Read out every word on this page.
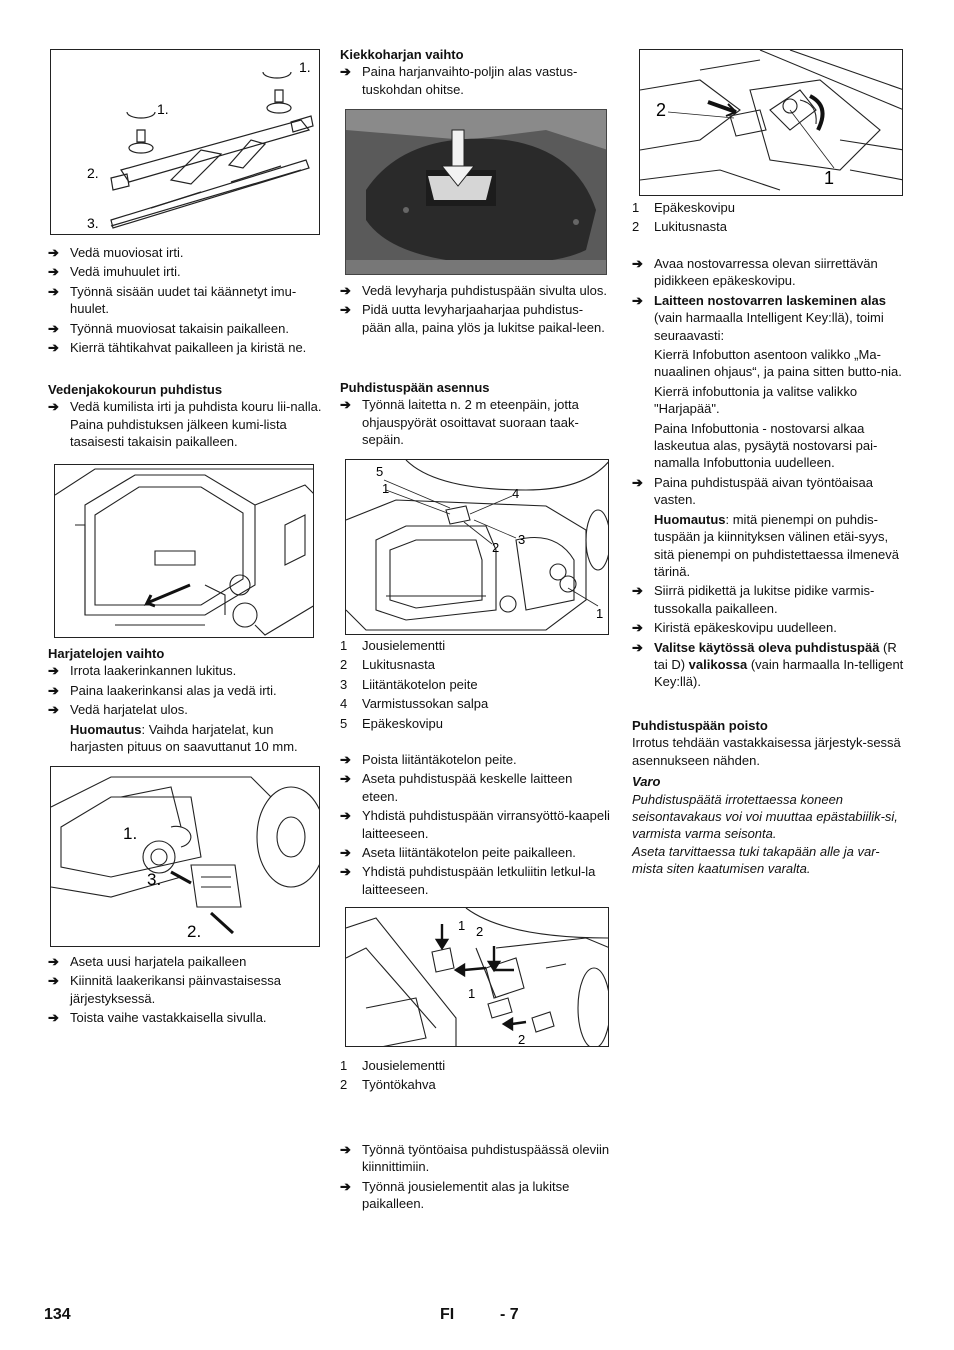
1.
1.
2.
3.

➔ Vedä muoviosat irti.

➔ Vedä imuhuulet irti.

➔ Työnnä sisään uudet tai käännetyt imu-huulet.

➔ Työnnä muoviosat takaisin paikalleen.

➔ Kierrä tähtikahvat paikalleen ja kiristä ne.

Vedenjakokourun puhdistus

➔ Vedä kumilista irti ja puhdista kouru lii-nalla. Paina puhdistuksen jälkeen kumi-lista tasaisesti takaisin paikalleen.

Harjatelojen vaihto

➔ Irrota laakerinkannen lukitus.

➔ Paina laakerinkansi alas ja vedä irti.

➔ Vedä harjatelat ulos.

Huomautus: Vaihda harjatelat, kun harjasten pituus on saavuttanut 10 mm.

1.
3.
2.

➔ Aseta uusi harjatela paikalleen

➔ Kiinnitä laakerikansi päinvastaisessa järjestyksessä.

➔ Toista vaihe vastakkaisella sivulla.

Kiekkoharjan vaihto

➔ Paina harjanvaihto-poljin alas vastus-tuskohdan ohitse.

➔ Vedä levyharja puhdistuspään sivulta ulos.

➔ Pidä uutta levyharjaaharjaa puhdistus-pään alla, paina ylös ja lukitse paikal-leen.

Puhdistuspään asennus

➔ Työnnä laitetta n. 2 m eteenpäin, jotta ohjauspyörät osoittavat suoraan taak-sepäin.

5
1	4
2
3
1

1 Jousielementti

2 Lukitusnasta

3 Liitäntäkotelon peite

4 Varmistussokan salpa

5 Epäkeskovipu

➔ Poista liitäntäkotelon peite.

➔ Aseta puhdistuspää keskelle laitteen eteen.

➔ Yhdistä puhdistuspään virransyöttö-kaapeli laitteeseen.

➔ Aseta liitäntäkotelon peite paikalleen.

➔ Yhdistä puhdistuspään letkuliitin letkul-la laitteeseen.

1 2
1
2

1 Jousielementti

2 Työntökahva

➔ Työnnä työntöaisa puhdistuspäässä oleviin kiinnittimiin.

➔ Työnnä jousielementit alas ja lukitse paikalleen.

2
1

1 Epäkeskovipu

2 Lukitusnasta

➔ Avaa nostovarressa olevan siirrettävän pidikkeen epäkeskovipu.

➔ Laitteen nostovarren laskeminen alas (vain harmaalla Intelligent Key:llä), toimi seuraavasti:

Kierrä Infobutton asentoon valikko „Ma-nuaalinen ohjaus“, ja paina sitten butto-nia.

Kierrä infobuttonia ja valitse valikko "Harjapää".

Paina Infobuttonia - nostovarsi alkaa laskeutua alas, pysäytä nostovarsi pai-namalla Infobuttonia uudelleen.

➔ Paina puhdistuspää aivan työntöaisaa vasten.

Huomautus: mitä pienempi on puhdis-tuspään ja kiinnityksen välinen etäi-syys, sitä pienempi on puhdistettaessa ilmenevä tärinä.

➔ Siirrä pidikettä ja lukitse pidike varmis-tussokalla paikalleen.

➔ Kiristä epäkeskovipu uudelleen.

➔ Valitse käytössä oleva puhdistuspää (R tai D) valikossa (vain harmaalla In-telligent Key:llä).

Puhdistuspään poisto

Irrotus tehdään vastakkaisessa järjestyk-sessä asennukseen nähden.

Varo

Puhdistuspäätä irrotettaessa koneen seisontavakaus voi voi muuttaa epästabiilik-si, varmista varma seisonta.

Aseta tarvittaessa tuki takapään alle ja var-mista siten kaatumisen varalta.

134	FI	- 7
